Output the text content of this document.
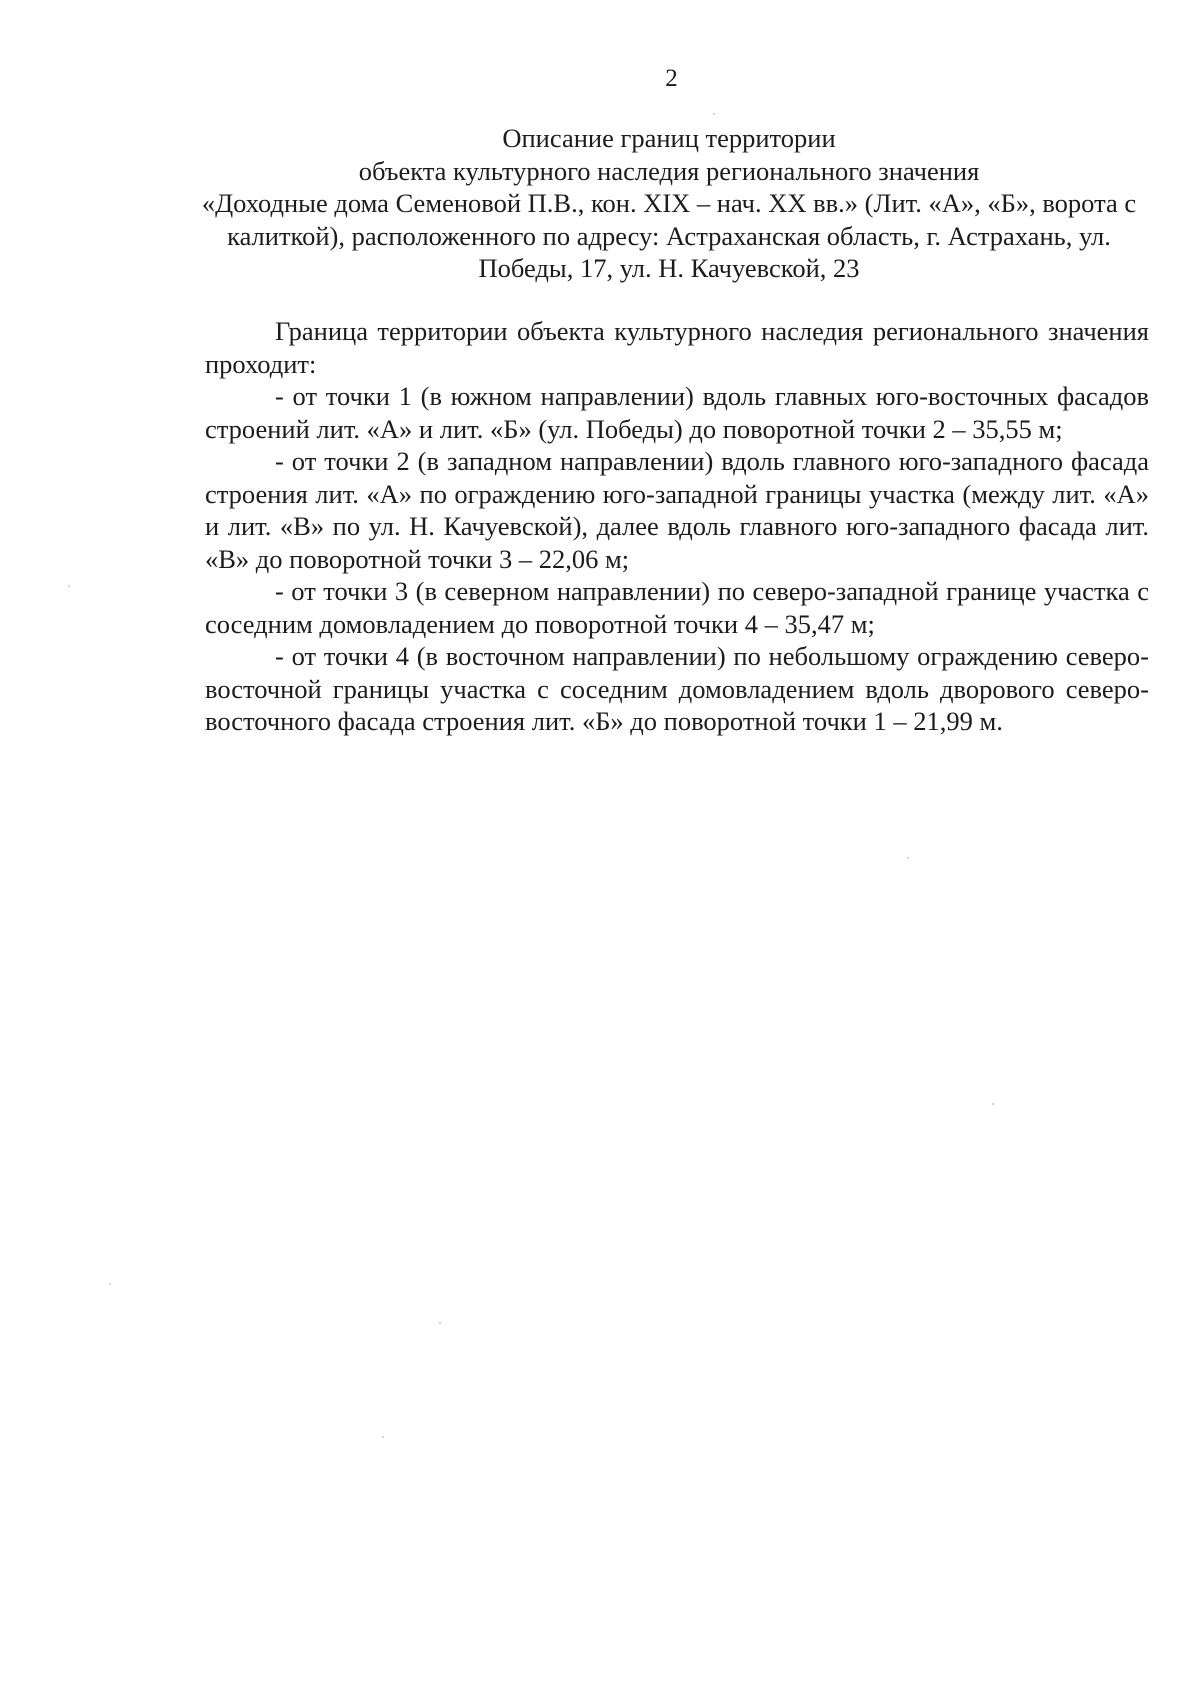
2
Описание границ территории
объекта культурного наследия регионального значения
«Доходные дома Семеновой П.В., кон. XIX – нач. XX вв.» (Лит. «А», «Б», ворота с калиткой), расположенного по адресу: Астраханская область, г. Астрахань, ул. Победы, 17, ул. Н. Качуевской, 23

Граница территории объекта культурного наследия регионального значения проходит:

- от точки 1 (в южном направлении) вдоль главных юго-восточных фасадов строений лит. «А» и лит. «Б» (ул. Победы) до поворотной точки 2 – 35,55 м;

- от точки 2 (в западном направлении) вдоль главного юго-западного фасада строения лит. «А» по ограждению юго-западной границы участка (между лит. «А» и лит. «В» по ул. Н. Качуевской), далее вдоль главного юго-западного фасада лит. «В» до поворотной точки 3 – 22,06 м;

- от точки 3 (в северном направлении) по северо-западной границе участка с соседним домовладением до поворотной точки 4 – 35,47 м;

- от точки 4 (в восточном направлении) по небольшому ограждению северо- восточной границы участка с соседним домовладением вдоль дворового северо- восточного фасада строения лит. «Б» до поворотной точки 1 – 21,99 м.
